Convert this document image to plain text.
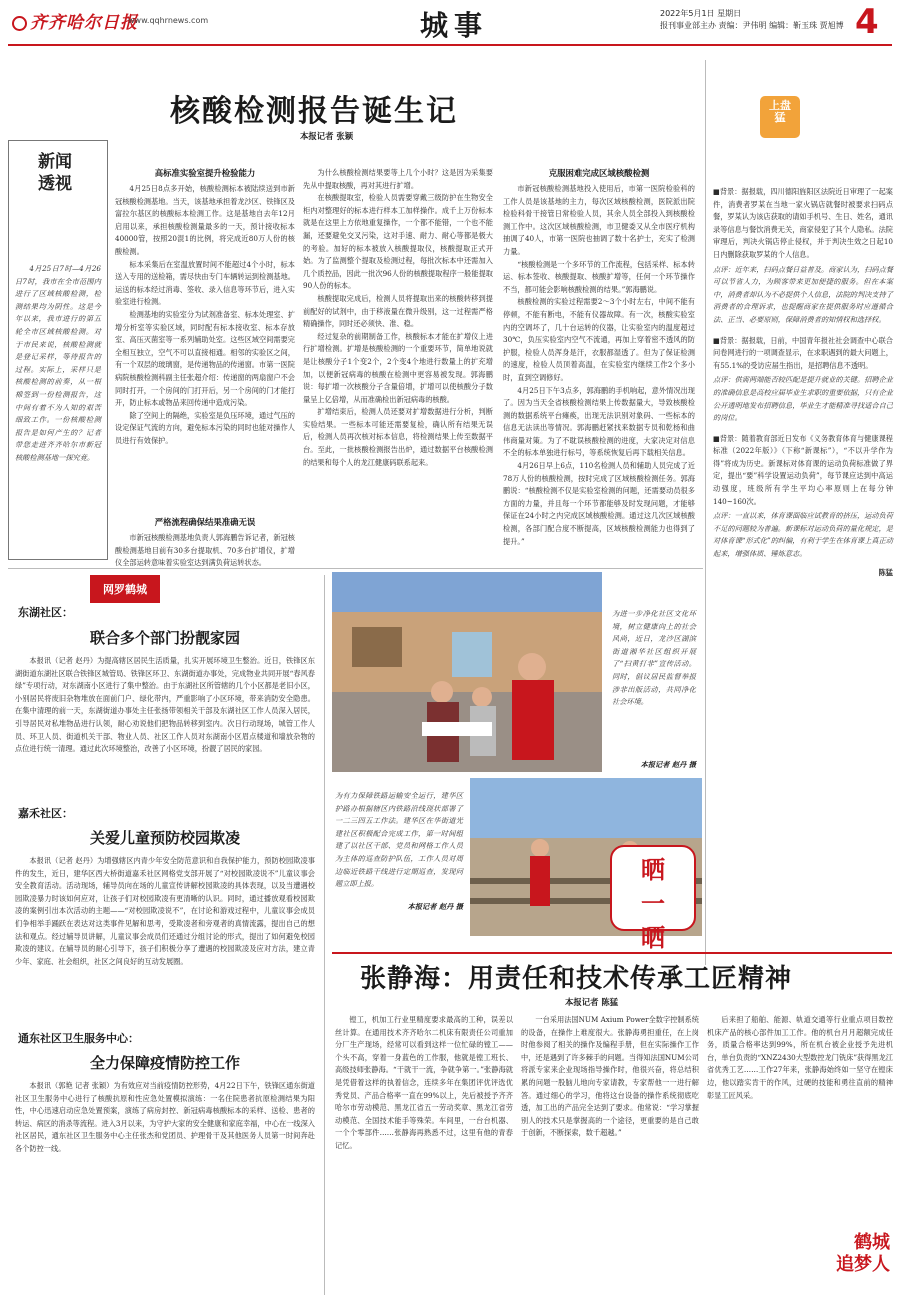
齐齐哈尔日报
www.qqhrnews.com	城事	2022年5月1日 星期日
报刊事业部主办 责编：尹伟明 编辑：靳玉珠 贾旭博 4
核酸检测报告诞生记
本报记者 张颖
新闻透视
4月25日7时—4月26日7时，我市在全市范围内进行了区域核酸检测，检测结果均为阴性。这是今年以来，我市进行的第五轮全市区域核酸检测。对于市民来说，核酸检测就是登记采样，等待报告的过程。实际上，采样只是核酸检测的前奏，从一根棉签到一份检测报告，这中间有着不为人知的艰苦细致工作。一份核酸检测报告是如何产生的？记者带您走进齐齐哈尔市新冠核酸检测基地一探究竟。
高标准实验室提升检验能力

4月25日8点多开始，核酸检测标本被陆续送到市新冠核酸检测基地。当天，该基地承担着龙沙区、铁锋区及富拉尔基区的核酸标本检测工作。这是基地自去年12月启用以来，承担核酸检测量最多的一天，预计接收标本40000管，按照20混1的比例，将完成近80万人份的核酸检测。

标本采集后在室温放置时间不能超过4个小时，标本送入专用的送检箱，需尽快由专门车辆转运到检测基地。运送的标本经过消毒、签收、录入信息等环节后，进入实验室进行检测。

检测基地的实验室分为试剂准备室、标本处理室、扩增分析室等实验区域，同时配有标本接收室、标本存放室、高压灭菌室等一系列辅助处室。这些区域空间需要完全相互独立，空气不可以直接相通。相邻的实验区之间，有一个双层的玻璃窗，是传递物品的传递窗。市第一医院病院核酸检测科副主任张超介绍：传递窗的两扇窗户不会同时打开，一个房间的门打开后，另一个房间的门才能打开，防止标本或物品来回传递中造成污染。

除了空间上的隔绝，实验室是负压环境，通过气压的设定保证气流的方向，避免标本污染的同时也能对操作人员进行有效保护。

严格流程确保结果准确无误

市新冠核酸检测基地负责人郭海鹏告诉记者，新冠核酸检测基地目前有30多台提取机、70多台扩增仪，扩增仪全部运转意味着实验室达到满负荷运转状态。

为什么核酸检测结果要等上几个小时？这是因为采集要先从中提取核酸，再对其进行扩增。

在核酸提取室，检验人员需要穿戴三级防护在生物安全柜内对整理好的标本进行样本工加样操作。成千上万份标本就是在这里上方依地重复操作，一个都不能错，一个也不能漏，还要避免交叉污染，这对手速、耐力、耐心等都是极大的考验。加好的标本被放入核酸提取仪，核酸提取正式开始。为了监测整个提取及检测过程，每批次标本中还需加入几个质控品，因此一批次96人份的核酸提取程序一般能提取90人份的标本。

核酸提取完成后，检测人员将提取出来的核酸转移到提前配好的试剂中，由于移液量在微升级别，这一过程需严格精确操作，同时还必须快、准、稳。

经过复杂的前期制备工作，核酸标本才能在扩增仪上进行扩增检测。扩增是核酸检测的一个重要环节，简单地说就是让核酸分子1个变2个，2个变4个地进行数量上的扩充增加，以便新冠病毒的核酸在检测中更容易被发现。郭海鹏说：每扩增一次核酸分子含量倍增，扩增可以使核酸分子数量呈上亿倍增，从而准确检出新冠病毒的核酸。

扩增结束后，检测人员还要对扩增数据进行分析，判断实验结果。一些标本可能还需要复检，确认所有结果无误后，检测人员再次核对标本信息，将检测结果上传至数据平台。至此，一批核酸检测报告出炉，通过数据平台核酸检测的结果和每个人的龙江健康码联系起来。

克服困难完成区域核酸检测

市新冠核酸检测基地投入使用后，市第一医院检验科的工作人员是该基地的主力，每次区域核酸检测，医院派出院检验科骨干接管日常检验人员，其余人员全部投入到核酸检测工作中。这次区域核酸检测，市卫健委又从全市医疗机构抽调了40人，市第一医院也抽调了数十名护士，充实了检测力量。

“核酸检测是一个多环节的工作流程，包括采样、标本转运、标本签收、核酸提取、核酸扩增等，任何一个环节操作不当，都可能会影响核酸检测的结果。”郭海鹏说。

核酸检测的实验过程需要2～3个小时左右，中间不能有停顿，不能有断电，不能有仪器故障。有一次，核酸实验室内的空调坏了，几十台运转的仪器，让实验室内的温度超过30℃，负压实验室内空气不流通，再加上穿着密不透风的防护服，检验人员浑身是汗，衣服都湿透了。但为了保证检测的速度，检验人员顶着高温，在实验室内继续工作2个多小时，直到空调修好。

4月25日下午3点多，郭海鹏的手机响起，意外情况出现了。因为当天全省核酸检测结果上传数据量大，导致核酸检测的数据系统平台瘫痪，出现无法识别对象码、一些标本的信息无法读出等情况。郭海鹏赶紧找来数据专员和乾杨和曲伟商量对策。为了不耽误核酸检测的进度，大家决定对信息不全的标本单独进行标号，等系统恢复后再下载相关信息。

4月26日早上6点，110名检测人员和辅助人员完成了近78万人份的核酸检测，按时完成了区域核酸检测任务。郭海鹏说：“核酸检测不仅是实验室检测的问题，还需要动员很多方面的力量，并且每一个环节都能够及时发现问题，才能够保证在24小时之内完成区域核酸检测。通过这几次区域核酸检测，各部门配合度不断提高，区域核酸检测能力也得到了提升。”

上盘猛
■背景：据报载，四川德阳旌阳区法院近日审理了一起案件，消费者罗某在当地一家火锅店就餐时被要求扫码点餐，罗某认为该店获取的请如手机号、生日、姓名，通讯录等信息与餐饮消费无关，商家侵犯了其个人隐私。法院审理后，判决火锅店停止侵权，并于判决生效之日起10日内删除获取罗某的个人信息。
点评：近年来，扫码点餐日益普及。商家认为，扫码点餐可以节省人力，为顾客带来更加便捷的服务。但在本案中，消费者却认为不必提供个人信息，法院的判决支持了消费者的合理诉求，也提醒商家在提供服务时应遵循合法、正当、必要原则，保障消费者的知情权和选择权。
■背景：据报载，日前，中国青年报社社会调查中心联合问卷网进行的一项调查显示，在求职遇到的最大问题上，有55.1%的受访应届生指出，是招聘信息不透明。
点评：供需两端能否较匹配是提升就业的关键。招聘企业的准确信息是高校应届毕业生求职的重要依据，只有企业公开透明地发布招聘信息，毕业生才能精准寻找适合自己的岗位。
■背景：随着教育部近日发布《义务教育体育与健康课程标准（2022年版）》（下称“新课标”），“不以升学作为得”将成为历史。新课标对体育课的运动负荷标准做了界定，提出“要”科学设置运动负荷”，每节课应达到中高运动强度，班级所有学生平均心率原则上在每分钟140~160次。
点评：一直以来，体育课面临应试教育的挤压，运动负荷不足的问题较为普遍。新课标对运动负荷的量化规定，是对体育课“形式化”的纠偏，有利于学生在体育课上真正动起来，增强体质、锤炼意志。
陈猛
网罗鹤城
东湖社区：
联合多个部门扮靓家园

本报讯（记者 赵丹）为提高辖区居民生活质量，扎实开展环境卫生整治。近日，铁锋区东湖街道东湖社区联合铁锋区城管局、铁锋区环卫、东湖街道办事处，完成物业共同开展“春风春绿”专项行动，对东湖南小区进行了集中整治。由于东湖社区所管辖的几个小区都是老旧小区，小别居民将废旧杂物堆放在面前门户、绿化带内，严重影响了小区环境，带来消防安全隐患。在集中清理的前一天，东湖街道办事处主任张扬带领相关干部及东湖社区工作人员深入居民，引导居民对私堆物品进行认领，耐心劝说他们把物品转移到室内。次日行动现场，城管工作人员、环卫人员、街道机关干部、物业人员、社区工作人员对东湖南小区眉点楼道和墙放杂物的点位进行统一清理。通过此次环境整治，改善了小区环境，扮靓了居民的家园。

嘉禾社区：
关爱儿童预防校园欺凌

本报讯（记者 赵丹）为增强辖区内青少年安全防范意识和自我保护能力，预防校园欺凌事件的发生，近日，建华区西大桥街道嘉禾社区网格党支部开展了“对校园欺凌说不”儿童议事会安全教育活动。活动现场，辅导员向在场的儿童宣传讲解校园欺凌的具体表现，以及当遭遇校园欺凌暴力时该如何应对，让孩子们对校园欺凌有更清晰的认识。同时，通过播放观看校园欺凌的案例引出本次活动的主题——“对校园欺凌说不”，在讨论和游戏过程中，儿童议事会成员们争相举手踊跃在表达对这类事件见解和思考，受欺凌者和旁观者的真情流露，提出自己的想法和观点。经过辅导员讲解，儿童议事会成员们还通过分组讨论的形式，提出了如何避免校园欺凌的建议。在辅导员的耐心引导下，孩子们积极分享了遭遇的校园欺凌及应对方法，建立青少年、家庭、社会组织，社区之间良好的互动发展圈。

通东社区卫生服务中心：
全力保障疫情防控工作

本报讯（郭艳 记者 张颖）为有效应对当前疫情防控形势，4月22日下午，铁锋区通东街道社区卫生服务中心进行了核酸抗原和性应急处置模拟演练：一名住院患者抗原检测结果为阳性，中心迅速启动应急处置预案，演练了病房封控、新冠病毒核酸标本的采样、送检、患者的转运、病区的消杀等流程。进入3月以来，为守护大家的安全健康和家庭幸福，中心在一线深入社区居民，通东社区卫生服务中心主任张杰和党团员、护理骨干及其他医务人员第一时间奔赴各个防控一线。

为进一步净化社区文化环境，树立健康向上的社会风尚，近日，龙沙区湖滨街道湘华社区组织开展了“扫黄打非”宣传活动。同时，倡议居民监督举报涉非出版活动，共同净化社会环境。
本报记者 赵丹 摄
为有力保障铁路运输安全运行，建华区护路办根据辖区内铁路沿线现状部署了一二三四五工作法。建华区在华街道光建社区积极配合完成工作，第一时间组建了以社区干部、党员和网格工作人员为主体的巡查防护队伍，工作人员对周边临近铁路干线进行定期巡查，发现问题立即上报。
本报记者 赵丹 摄
晒一晒
张静海：用责任和技术传承工匠精神
本报记者 陈猛

镗工，机加工行业里精度要求最高的工种，误差以丝计算。在通用技术齐齐哈尔二机床有限责任公司重加分厂生产现场，经常可以看到这样一位忙碌的镗工——个头不高，穿着一身蓝色的工作服，他就是镗工班长、高级技师张静海。“干就干一流，争就争第一。”张静海就是凭借着这样的执着信念，连续多年在集团评优评选优秀党员、产品合格率一直在99%以上，先后被授予齐齐哈尔市劳动模范、黑龙江省五一劳动奖章、黑龙江省劳动模范、全国技术能手等殊荣。车间里，一台台机器、一个个零部件……张静海再熟悉不过，这里有他的青春记忆。

一台采用法国NUM Axium Power全数字控制系统的设备，在操作上难度很大。张静海勇担重任，在上岗时他参阅了相关的操作及编程手册，但在实际操作工作中，还是遇到了许多棘手的问题。当得知法国NUM公司将派专家来企业现场指导操作时，他很兴奋，将总结积累的问题一股脑儿地向专家请教，专家帮他一一进行解答。通过细心的学习，他将这台设备的操作系统彻底吃透，加工出的产品完全达到了要求。他常说：“学习掌握别人的技术只是掌握高的一个途径，更重要的是自己敢于创新，不断探索，数千超越。”

后来担了船舶、能源、轨道交通等行业重点项目数控机床产品的核心部件加工工作。他的机台月月超额完成任务，质量合格率达到99%，所在机台被企业授予先进机台，单台负责的“XNZ2430大型数控龙门铣床”获得黑龙江省优秀工艺……工作27年来，张静海始终如一坚守在镗床边，他以踏实肯干的作风，过硬的技能和勇往直前的精神彰显工匠风采。

鹤城
追梦人
